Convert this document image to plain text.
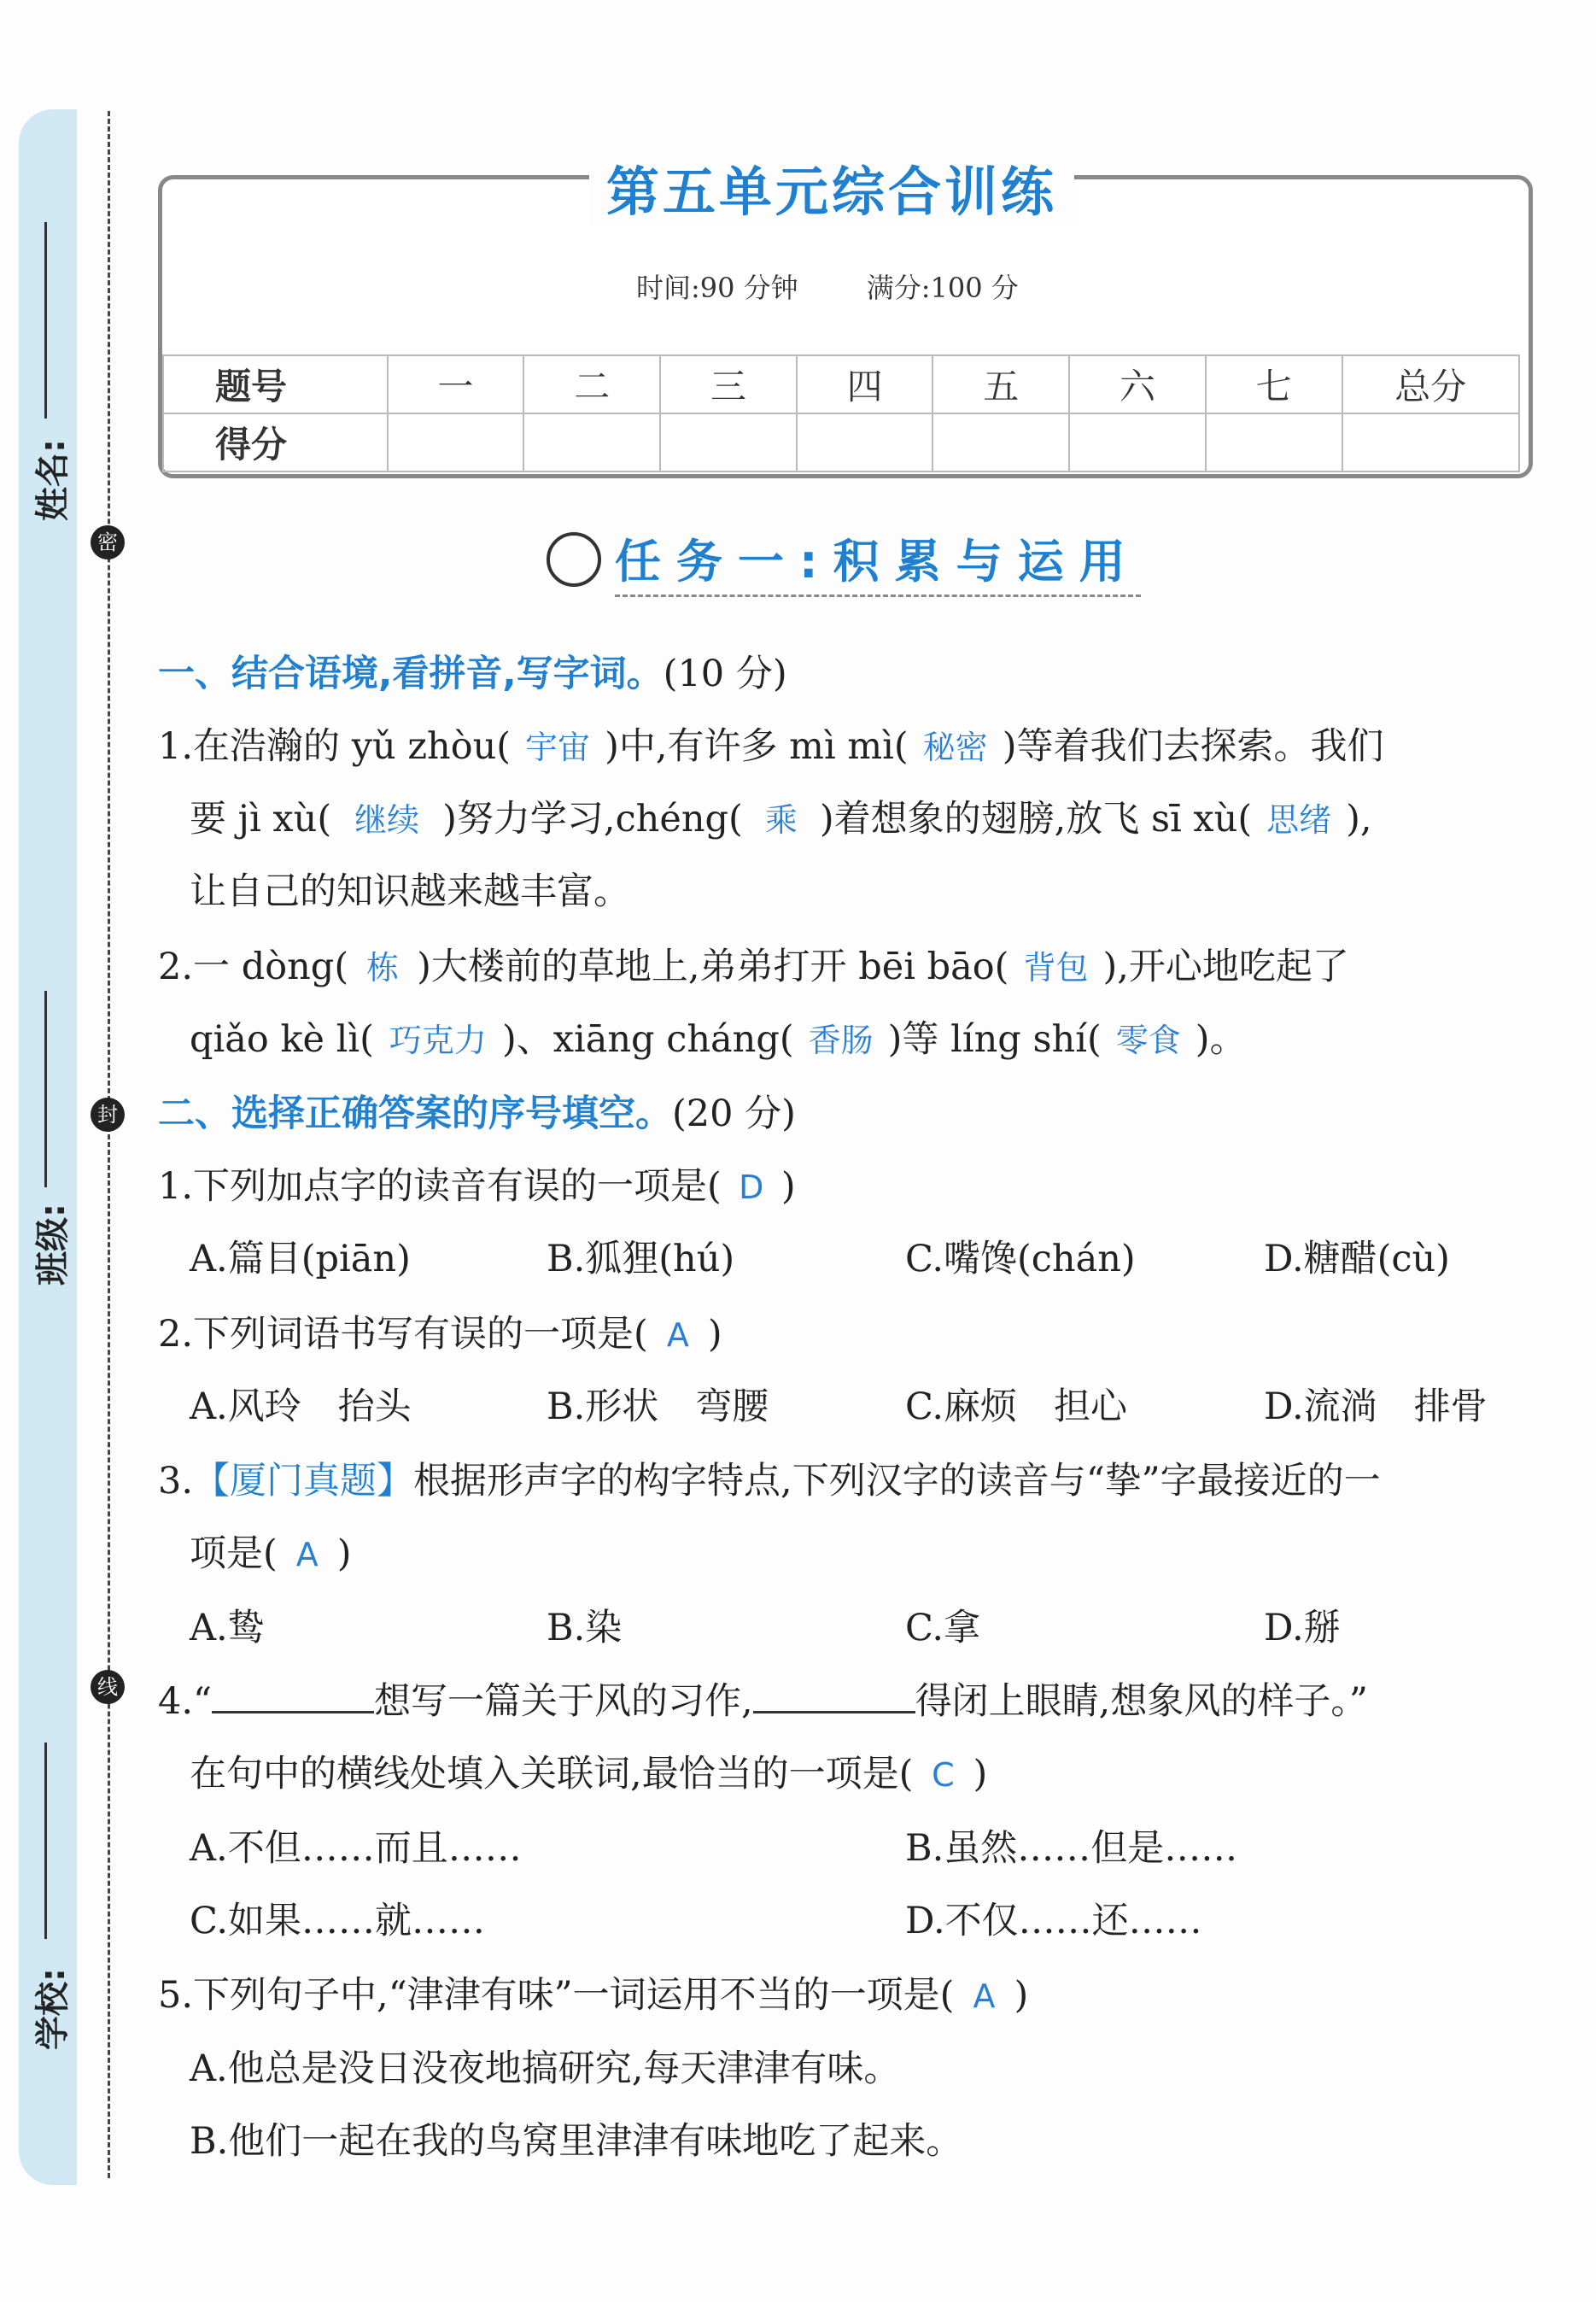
姓名:
班级:
学校:
密
封
线
第五单元综合训练
时间:90 分钟	满分:100 分
题号	一	二	三	四	五	六	七	总分
得分								
任务一:积累与运用
一、结合语境,看拼音,写字词。(10 分)
1.在浩瀚的 yǔ zhòu( 宇宙 )中,有许多 mì mì( 秘密 )等着我们去探索。我们
要 jì xù( 继续 )努力学习,chéng( 乘 )着想象的翅膀,放飞 sī xù( 思绪 ),
让自己的知识越来越丰富。
2.一 dòng( 栋 )大楼前的草地上,弟弟打开 bēi bāo( 背包 ),开心地吃起了
qiǎo kè lì( 巧克力 )、xiāng cháng( 香肠 )等 líng shí( 零食 )。
二、选择正确答案的序号填空。(20 分)
1.下列加点字的读音有误的一项是( D )
A.篇目(piān)	B.狐狸(hú)	C.嘴馋(chán)	D.糖醋(cù)
2.下列词语书写有误的一项是( A )
A.风玲　抬头	B.形状　弯腰	C.麻烦　担心	D.流淌　排骨
3.【厦门真题】根据形声字的构字特点,下列汉字的读音与“挚”字最接近的一
项是( A )
A.鸷	B.染	C.拿	D.掰
4.“	想写一篇关于风的习作,	得闭上眼睛,想象风的样子。”
在句中的横线处填入关联词,最恰当的一项是( C )
A.不但……而且……	B.虽然……但是……
C.如果……就……	D.不仅……还……
5.下列句子中,“津津有味”一词运用不当的一项是( A )
A.他总是没日没夜地搞研究,每天津津有味。
B.他们一起在我的鸟窝里津津有味地吃了起来。
